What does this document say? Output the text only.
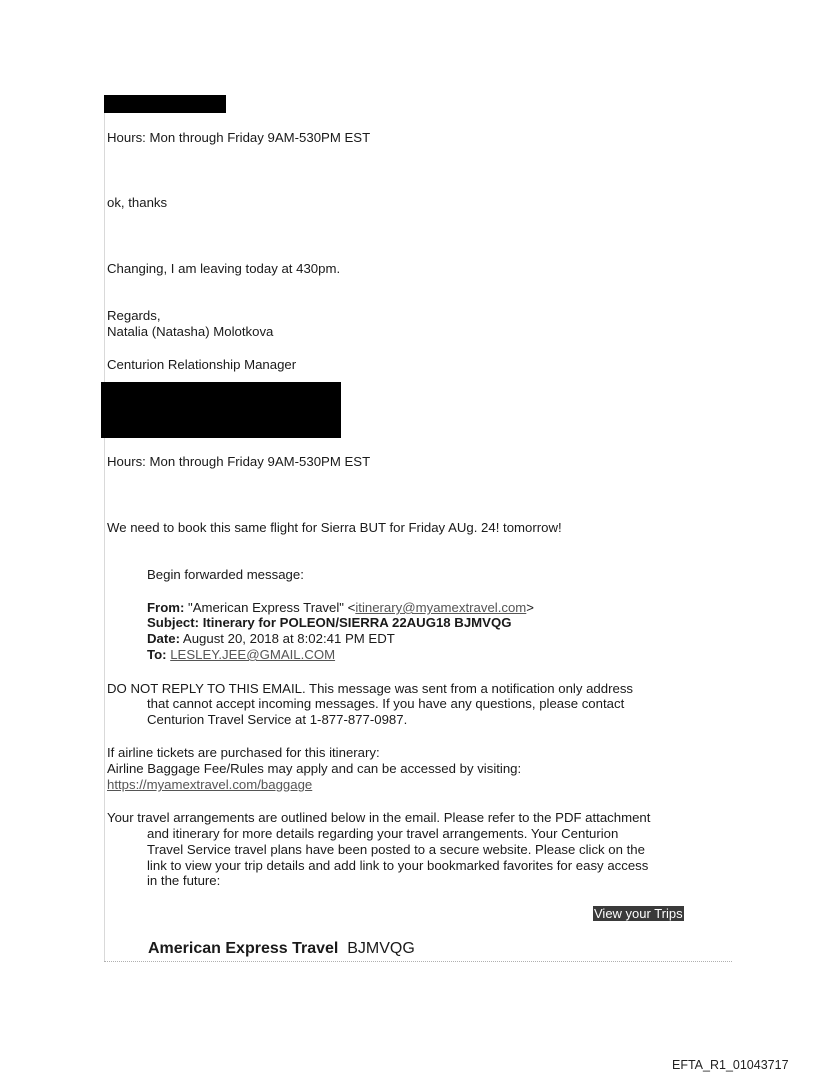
Hours: Mon through Friday 9AM-530PM EST
ok, thanks
Changing, I am leaving today at 430pm.
Regards,
Natalia (Natasha) Molotkova
Centurion Relationship Manager
Hours: Mon through Friday 9AM-530PM EST
We need to book this same flight for Sierra BUT for Friday AUg. 24! tomorrow!
Begin forwarded message:
From: "American Express Travel" <itinerary@myamextravel.com>
Subject: Itinerary for POLEON/SIERRA 22AUG18 BJMVQG
Date: August 20, 2018 at 8:02:41 PM EDT
To: LESLEY.JEE@GMAIL.COM
DO NOT REPLY TO THIS EMAIL. This message was sent from a notification only address
that cannot accept incoming messages. If you have any questions, please contact
Centurion Travel Service at 1-877-877-0987.
If airline tickets are purchased for this itinerary:
Airline Baggage Fee/Rules may apply and can be accessed by visiting:
https://myamextravel.com/baggage
Your travel arrangements are outlined below in the email. Please refer to the PDF attachment
and itinerary for more details regarding your travel arrangements. Your Centurion
Travel Service travel plans have been posted to a secure website. Please click on the
link to view your trip details and add link to your bookmarked favorites for easy access
in the future:
View your Trips
American Express Travel BJMVQG
EFTA_R1_01043717
